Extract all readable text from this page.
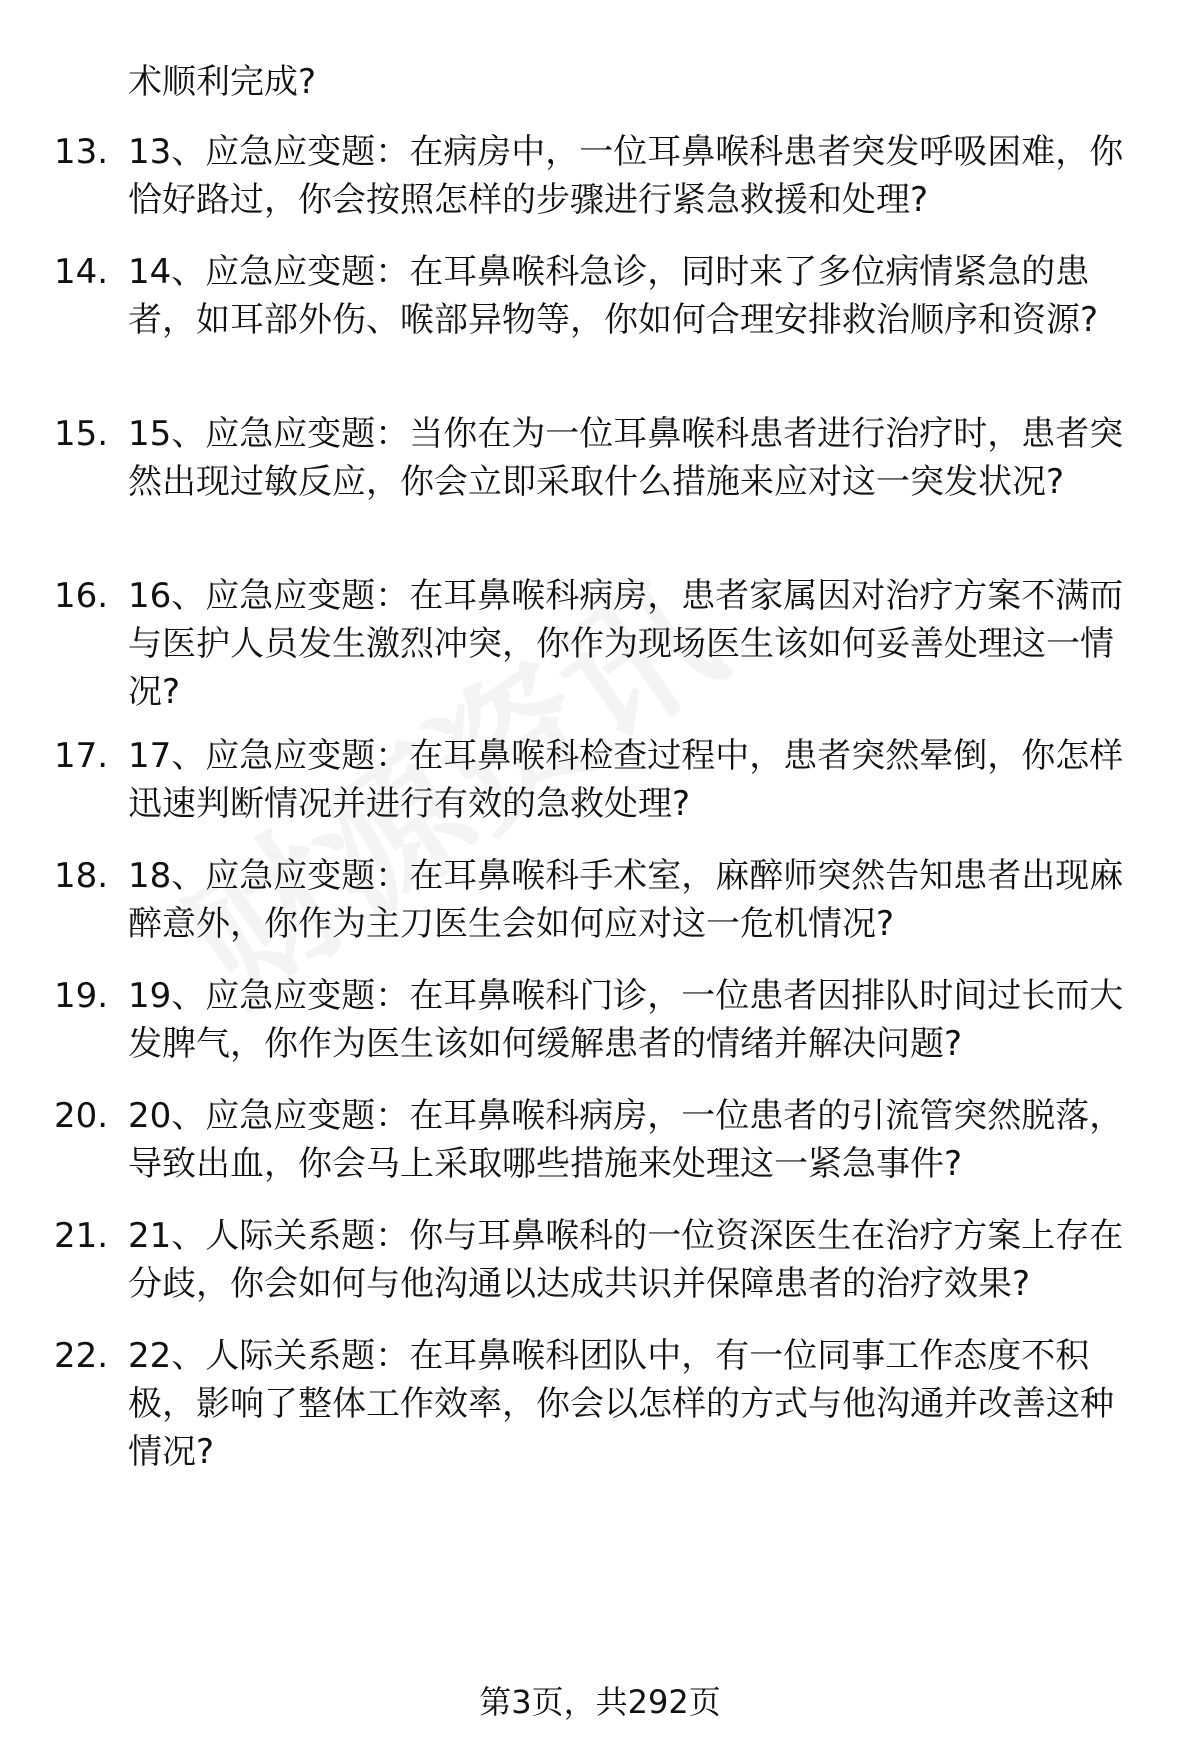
术顺利完成?
13. 13、应急应变题：在病房中，一位耳鼻喉科患者突发呼吸困难，你恰好路过，你会按照怎样的步骤进行紧急救援和处理?
14. 14、应急应变题：在耳鼻喉科急诊，同时来了多位病情紧急的患者，如耳部外伤、喉部异物等，你如何合理安排救治顺序和资源?
15. 15、应急应变题：当你在为一位耳鼻喉科患者进行治疗时，患者突然出现过敏反应，你会立即采取什么措施来应对这一突发状况?
16. 16、应急应变题：在耳鼻喉科病房，患者家属因对治疗方案不满而与医护人员发生激烈冲突，你作为现场医生该如何妥善处理这一情况?
17. 17、应急应变题：在耳鼻喉科检查过程中，患者突然晕倒，你怎样迅速判断情况并进行有效的急救处理?
18. 18、应急应变题：在耳鼻喉科手术室，麻醉师突然告知患者出现麻醉意外，你作为主刀医生会如何应对这一危机情况?
19. 19、应急应变题：在耳鼻喉科门诊，一位患者因排队时间过长而大发脾气，你作为医生该如何缓解患者的情绪并解决问题?
20. 20、应急应变题：在耳鼻喉科病房，一位患者的引流管突然脱落，导致出血，你会马上采取哪些措施来处理这一紧急事件?
21. 21、人际关系题：你与耳鼻喉科的一位资深医生在治疗方案上存在分歧，你会如何与他沟通以达成共识并保障患者的治疗效果?
22. 22、人际关系题：在耳鼻喉科团队中，有一位同事工作态度不积极，影响了整体工作效率，你会以怎样的方式与他沟通并改善这种情况?
第3页，共292页
